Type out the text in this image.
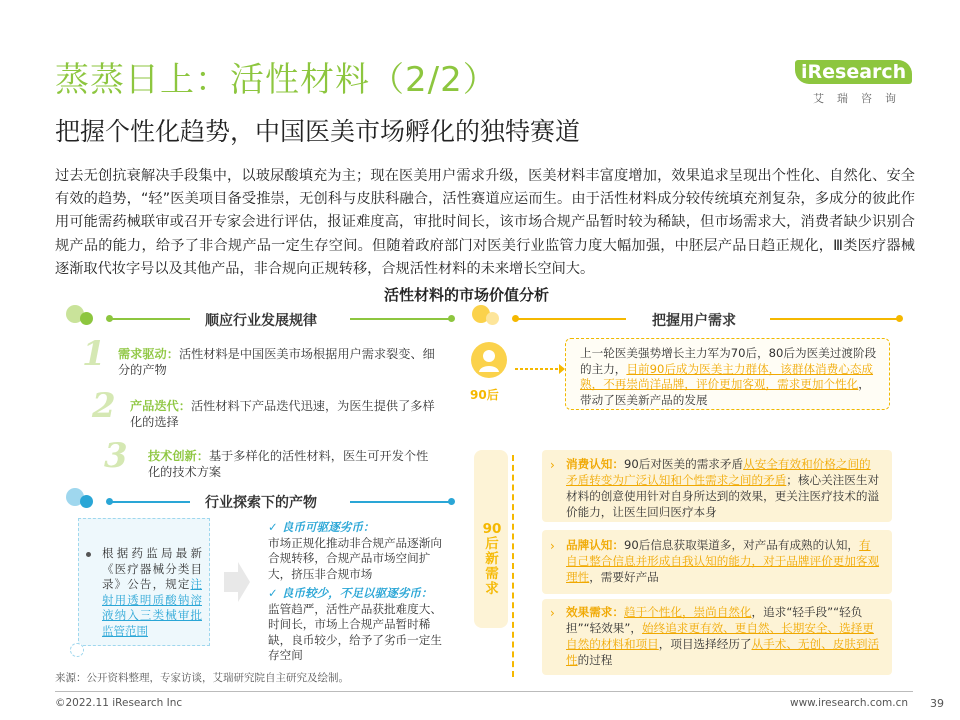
蒸蒸日上：活性材料（2/2）
把握个性化趋势，中国医美市场孵化的独特赛道
iResearch
艾瑞咨询
过去无创抗衰解决手段集中，以玻尿酸填充为主；现在医美用户需求升级，医美材料丰富度增加，效果追求呈现出个性化、自然化、安全有效的趋势，“轻”医美项目备受推崇，无创科与皮肤科融合，活性赛道应运而生。由于活性材料成分较传统填充剂复杂，多成分的彼此作用可能需药械联审或召开专家会进行评估，报证难度高，审批时间长，该市场合规产品暂时较为稀缺，但市场需求大，消费者缺少识别合规产品的能力，给予了非合规产品一定生存空间。但随着政府部门对医美行业监管力度大幅加强，中胚层产品日趋正规化，Ⅲ类医疗器械逐渐取代妆字号以及其他产品，非合规向正规转移，合规活性材料的未来增长空间大。
活性材料的市场价值分析
顺应行业发展规律
1 需求驱动：活性材料是中国医美市场根据用户需求裂变、细分的产物
2 产品迭代：活性材料下产品迭代迅速，为医生提供了多样化的选择
3 技术创新：基于多样化的活性材料，医生可开发个性化的技术方案
行业探索下的产物
根据药监局最新《医疗器械分类目录》公告，规定注射用透明质酸钠溶液纳入三类械审批监管范围
✓ 良币可驱逐劣币：
市场正规化推动非合规产品逐渐向合规转移，合规产品市场空间扩大，挤压非合规市场
✓ 良币较少，不足以驱逐劣币：
监管趋严，活性产品获批难度大、时间长，市场上合规产品暂时稀缺，良币较少，给予了劣币一定生存空间
把握用户需求
90后
上一轮医美强势增长主力军为70后，80后为医美过渡阶段的主力，目前90后成为医美主力群体，该群体消费心态成熟，不再崇尚洋品牌，评价更加客观，需求更加个性化，带动了医美新产品的发展
90后新需求
› 消费认知：90后对医美的需求矛盾从安全有效和价格之间的矛盾转变为广泛认知和个性需求之间的矛盾；核心关注医生对材料的创意使用针对自身所达到的效果，更关注医疗技术的溢价能力，让医生回归医疗本身
› 品牌认知：90后信息获取渠道多，对产品有成熟的认知，有自己整合信息并形成自我认知的能力，对于品牌评价更加客观理性，需要好产品
› 效果需求：趋于个性化，崇尚自然化，追求“轻手段”“轻负担”“轻效果”，始终追求更有效、更自然、长期安全、选择更自然的材料和项目，项目选择经历了从手术、无创、皮肤到活性的过程
来源：公开资料整理，专家访谈，艾瑞研究院自主研究及绘制。
©2022.11 iResearch Inc	www.iresearch.com.cn 39
